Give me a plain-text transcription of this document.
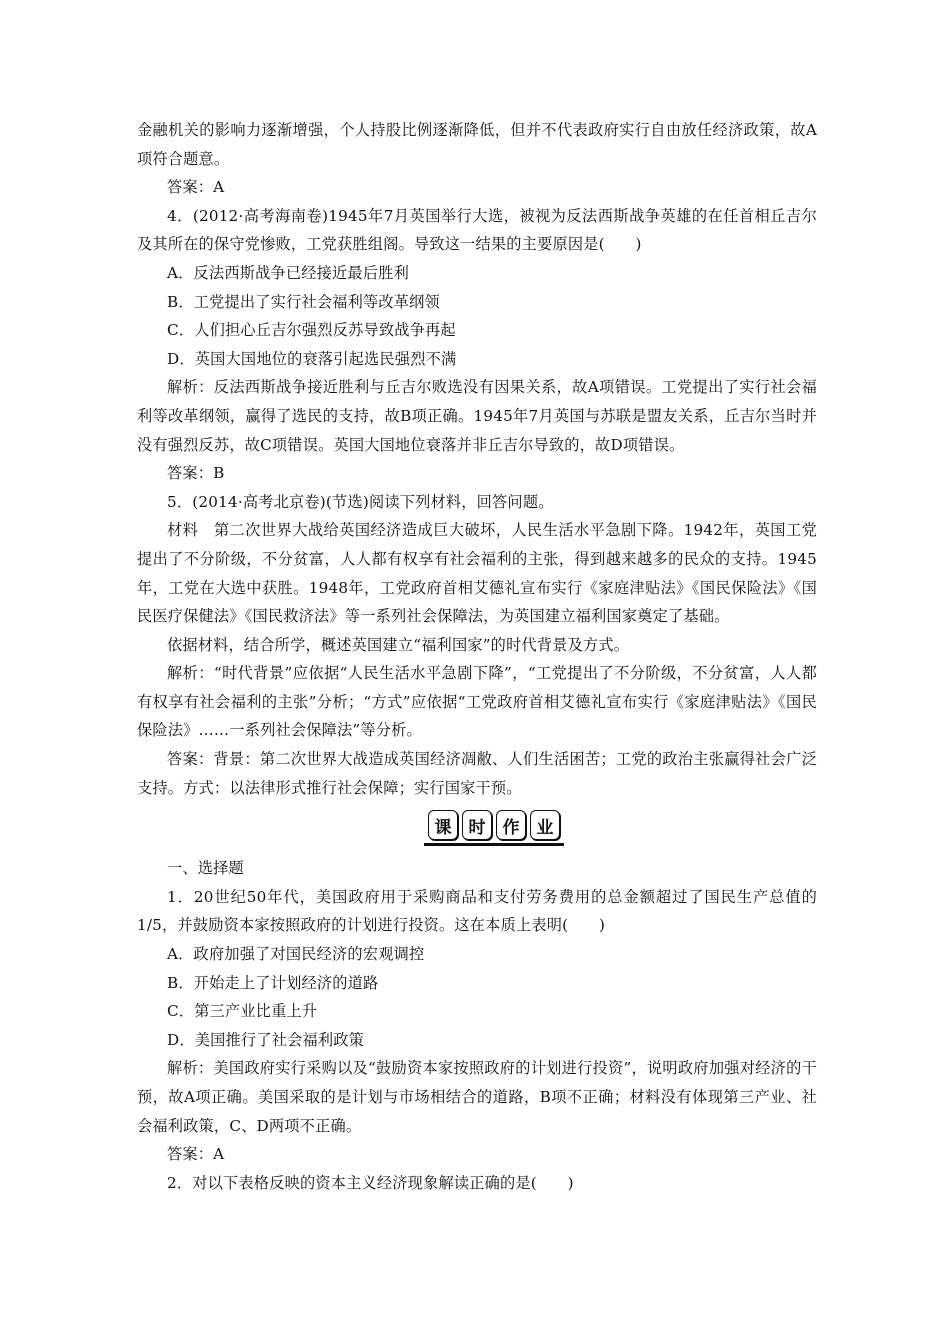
金融机关的影响力逐渐增强，个人持股比例逐渐降低，但并不代表政府实行自由放任经济政策，故A项符合题意。

答案：A

4．(2012·高考海南卷)1945年7月英国举行大选，被视为反法西斯战争英雄的在任首相丘吉尔及其所在的保守党惨败，工党获胜组阁。导致这一结果的主要原因是(　　)

A．反法西斯战争已经接近最后胜利

B．工党提出了实行社会福利等改革纲领

C．人们担心丘吉尔强烈反苏导致战争再起

D．英国大国地位的衰落引起选民强烈不满

解析：反法西斯战争接近胜利与丘吉尔败选没有因果关系，故A项错误。工党提出了实行社会福利等改革纲领，赢得了选民的支持，故B项正确。1945年7月英国与苏联是盟友关系，丘吉尔当时并没有强烈反苏，故C项错误。英国大国地位衰落并非丘吉尔导致的，故D项错误。

答案：B

5．(2014·高考北京卷)(节选)阅读下列材料，回答问题。

材料　第二次世界大战给英国经济造成巨大破坏，人民生活水平急剧下降。1942年，英国工党提出了不分阶级，不分贫富，人人都有权享有社会福利的主张，得到越来越多的民众的支持。1945年，工党在大选中获胜。1948年，工党政府首相艾德礼宣布实行《家庭津贴法》《国民保险法》《国民医疗保健法》《国民救济法》等一系列社会保障法，为英国建立福利国家奠定了基础。

依据材料，结合所学，概述英国建立“福利国家”的时代背景及方式。

解析：“时代背景”应依据“人民生活水平急剧下降”，“工党提出了不分阶级，不分贫富，人人都有权享有社会福利的主张”分析；“方式”应依据“工党政府首相艾德礼宣布实行《家庭津贴法》《国民保险法》……一系列社会保障法”等分析。

答案：背景：第二次世界大战造成英国经济凋敝、人们生活困苦；工党的政治主张赢得社会广泛支持。方式：以法律形式推行社会保障；实行国家干预。

课	时	作	业

一、选择题

1．20世纪50年代，美国政府用于采购商品和支付劳务费用的总金额超过了国民生产总值的1/5，并鼓励资本家按照政府的计划进行投资。这在本质上表明(　　)

A．政府加强了对国民经济的宏观调控

B．开始走上了计划经济的道路

C．第三产业比重上升

D．美国推行了社会福利政策

解析：美国政府实行采购以及“鼓励资本家按照政府的计划进行投资”，说明政府加强对经济的干预，故A项正确。美国采取的是计划与市场相结合的道路，B项不正确；材料没有体现第三产业、社会福利政策，C、D两项不正确。

答案：A

2．对以下表格反映的资本主义经济现象解读正确的是(　　)
